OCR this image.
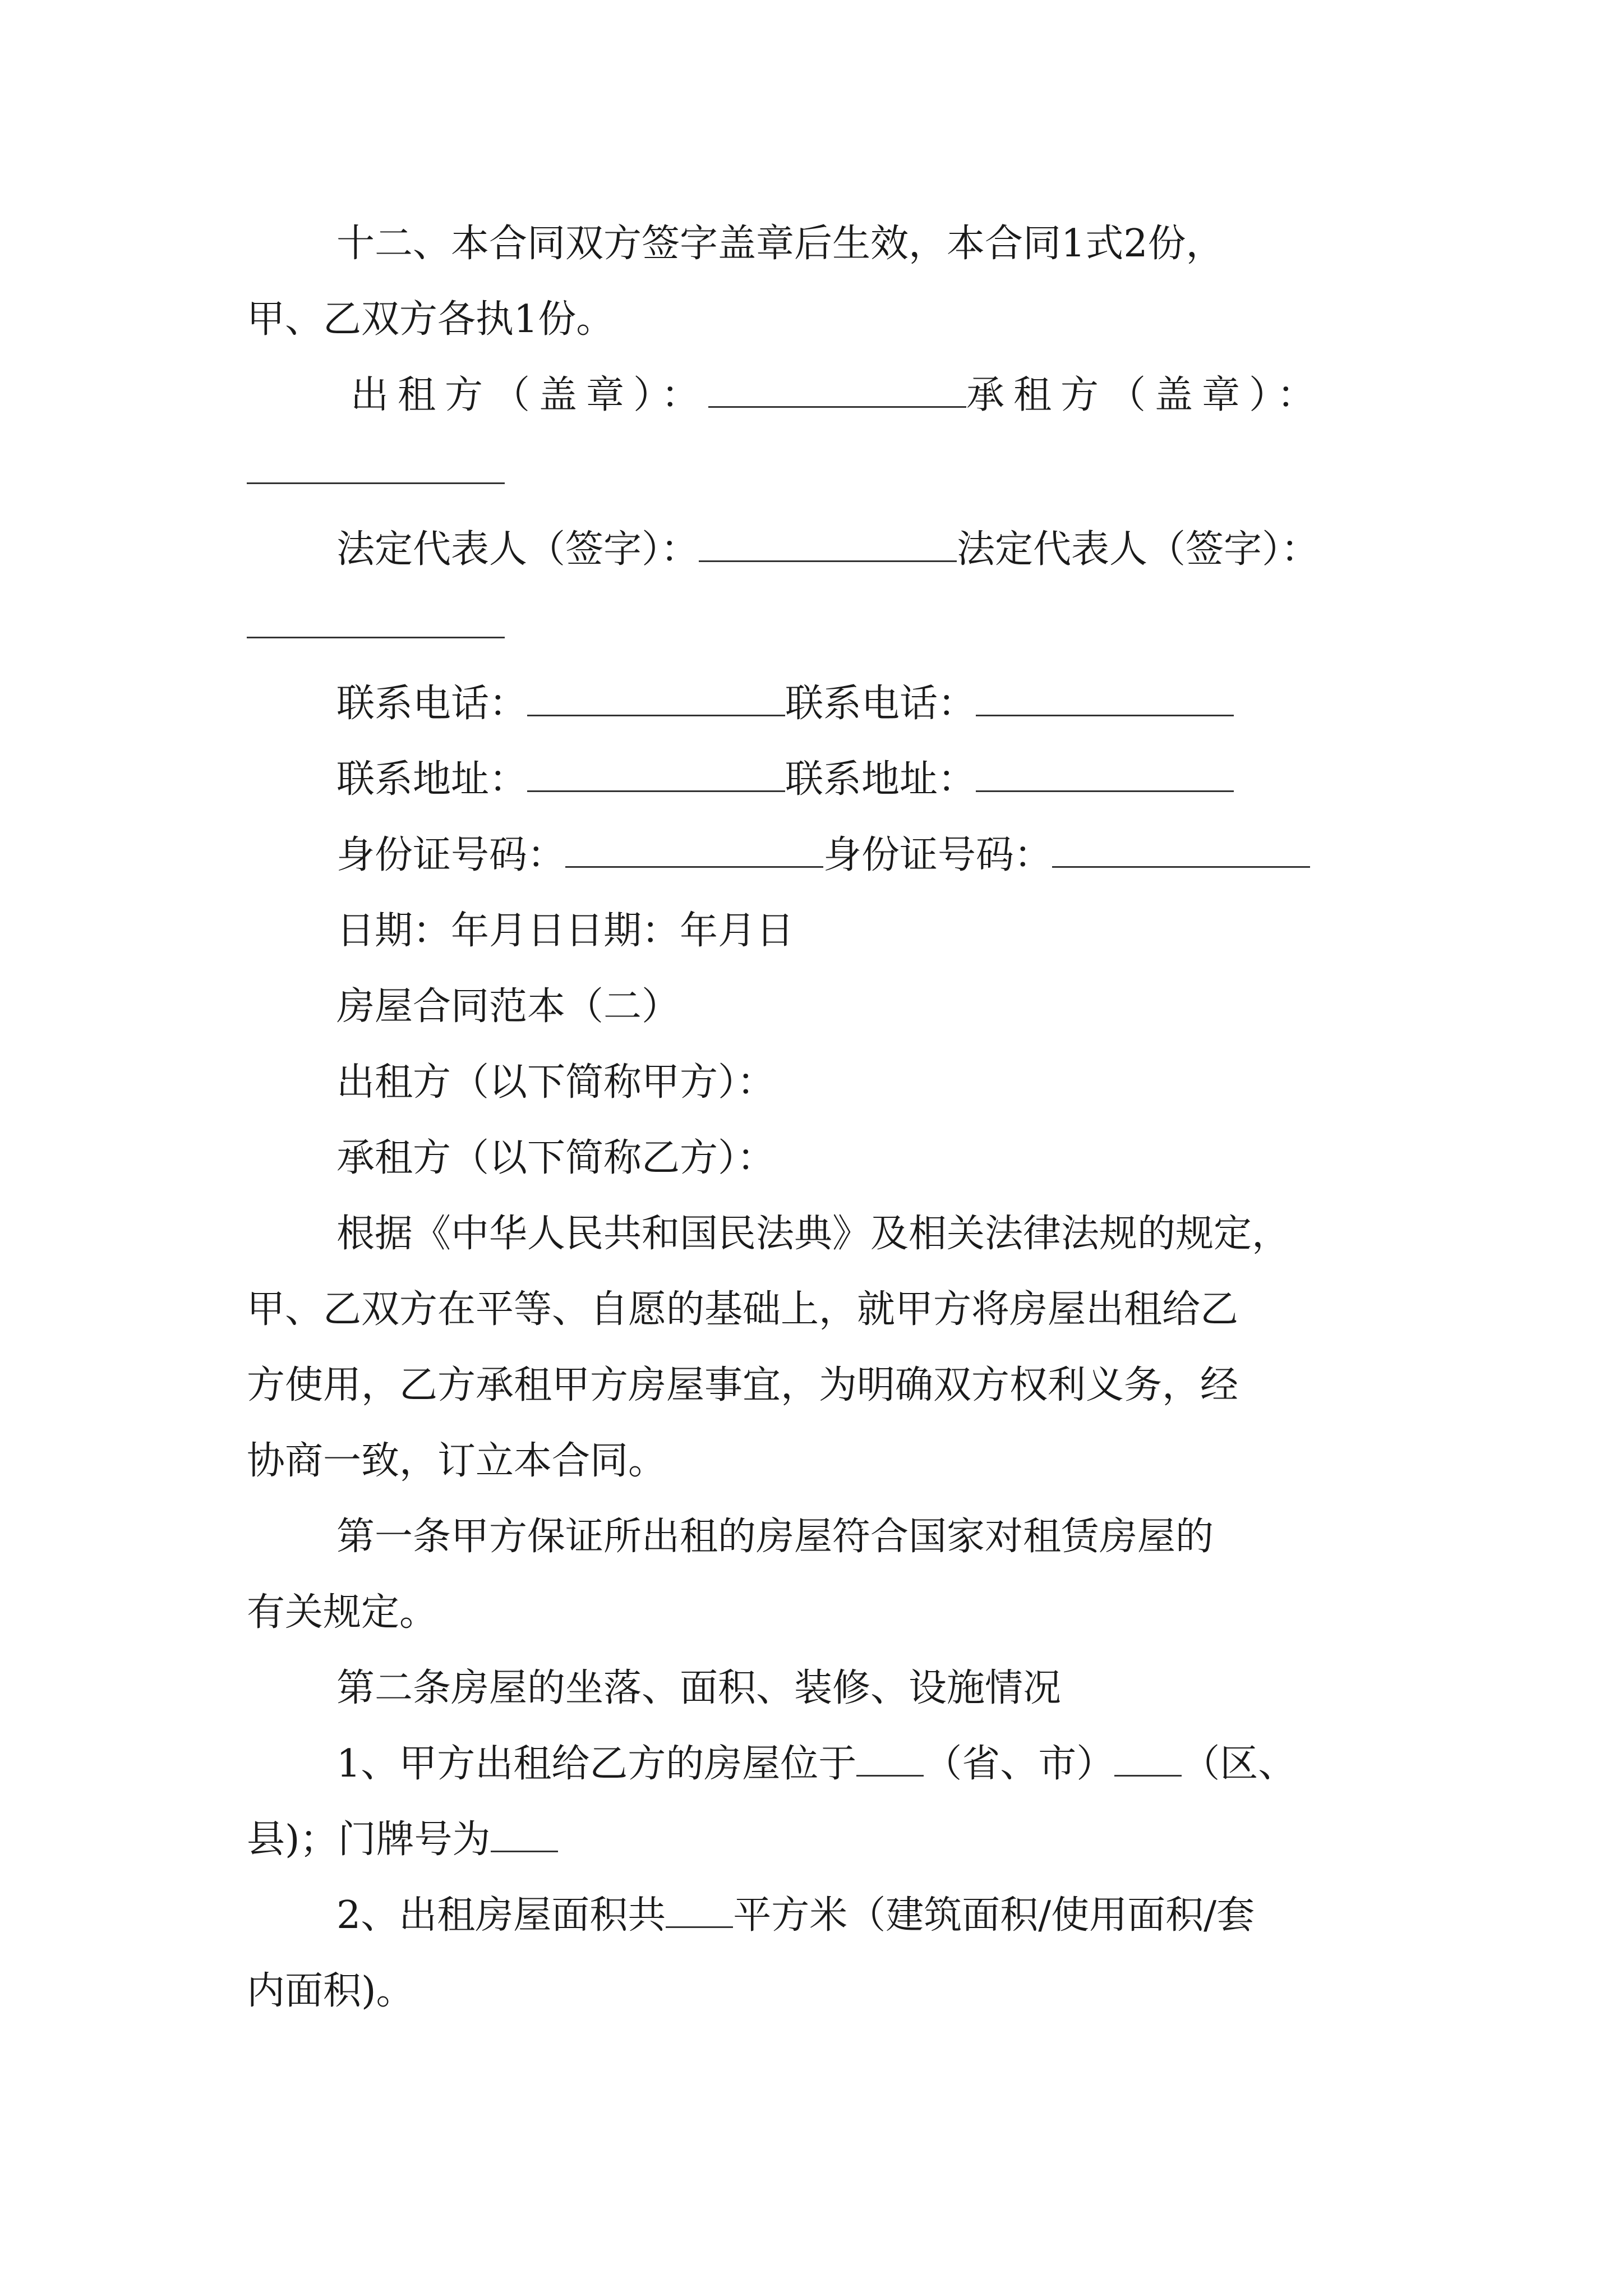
十二、本合同双方签字盖章后生效，本合同1式2份，
甲、乙双方各执1份。
出租方（盖章）：	承租方（盖章）：
法定代表人（签字）：	法定代表人（签字）：
联系电话：	联系电话：
联系地址：	联系地址：
身份证号码：	身份证号码：
日期：年月日日期：年月日
房屋合同范本（二）
出租方（以下简称甲方）：
承租方（以下简称乙方）：
根据《中华人民共和国民法典》及相关法律法规的规定，
甲、乙双方在平等、自愿的基础上，就甲方将房屋出租给乙
方使用，乙方承租甲方房屋事宜，为明确双方权利义务，经
协商一致，订立本合同。
第一条甲方保证所出租的房屋符合国家对租赁房屋的
有关规定。
第二条房屋的坐落、面积、装修、设施情况
1、甲方出租给乙方的房屋位于 （省、市） （区、
县)；门牌号为
2、出租房屋面积共 平方米（建筑面积/使用面积/套
内面积)。
